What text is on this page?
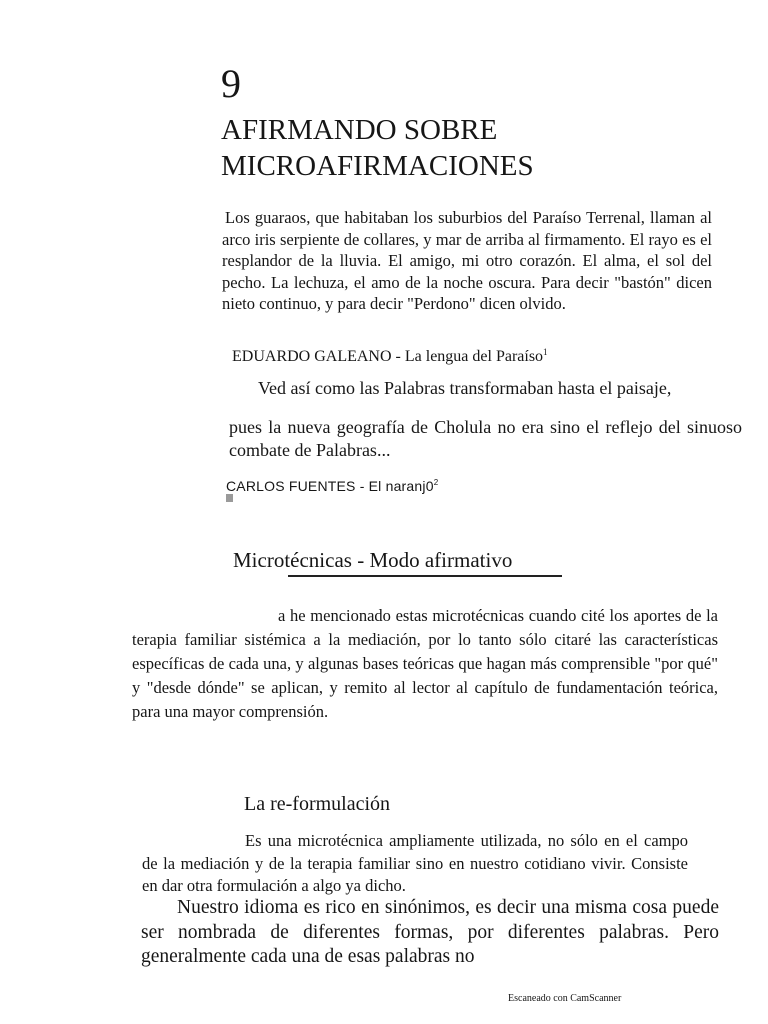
9
AFIRMANDO SOBRE
MICROAFIRMACIONES

Los guaraos, que habitaban los suburbios del Paraíso Terrenal, llaman al arco iris serpiente de collares, y mar de arriba al firmamento. El rayo es el resplandor de la lluvia. El amigo, mi otro corazón. El alma, el sol del pecho. La lechuza, el amo de la noche oscura. Para decir "bastón" dicen nieto continuo, y para decir "Perdono" dicen olvido.

EDUARDO GALEANO - La lengua del Paraíso$^1$
Ved así como las Palabras transformaban hasta el paisaje,

pues la nueva geografía de Cholula no era sino el reflejo del sinuoso combate de Palabras...

CARLOS FUENTES - El $naranj0^2$
Microtécnicas - Modo afirmativo

a he mencionado estas microtécnicas cuando cité los aportes de la terapia familiar sistémica a la mediación, por lo tanto sólo citaré las características específicas de cada una, y algunas bases teóricas que hagan más comprensible "por qué" y "desde dónde" se aplican, y remito al lector al capítulo de fundamentación teórica, para una mayor comprensión.

La re-formulación

Es una microtécnica ampliamente utilizada, no sólo en el campo de la mediación y de la terapia familiar sino en nuestro cotidiano vivir. Consiste en dar otra formulación a algo ya dicho.

Nuestro idioma es rico en sinónimos, es decir una misma cosa puede ser nombrada de diferentes formas, por diferentes palabras. Pero generalmente cada una de esas palabras no

Escaneado con CamScanner
